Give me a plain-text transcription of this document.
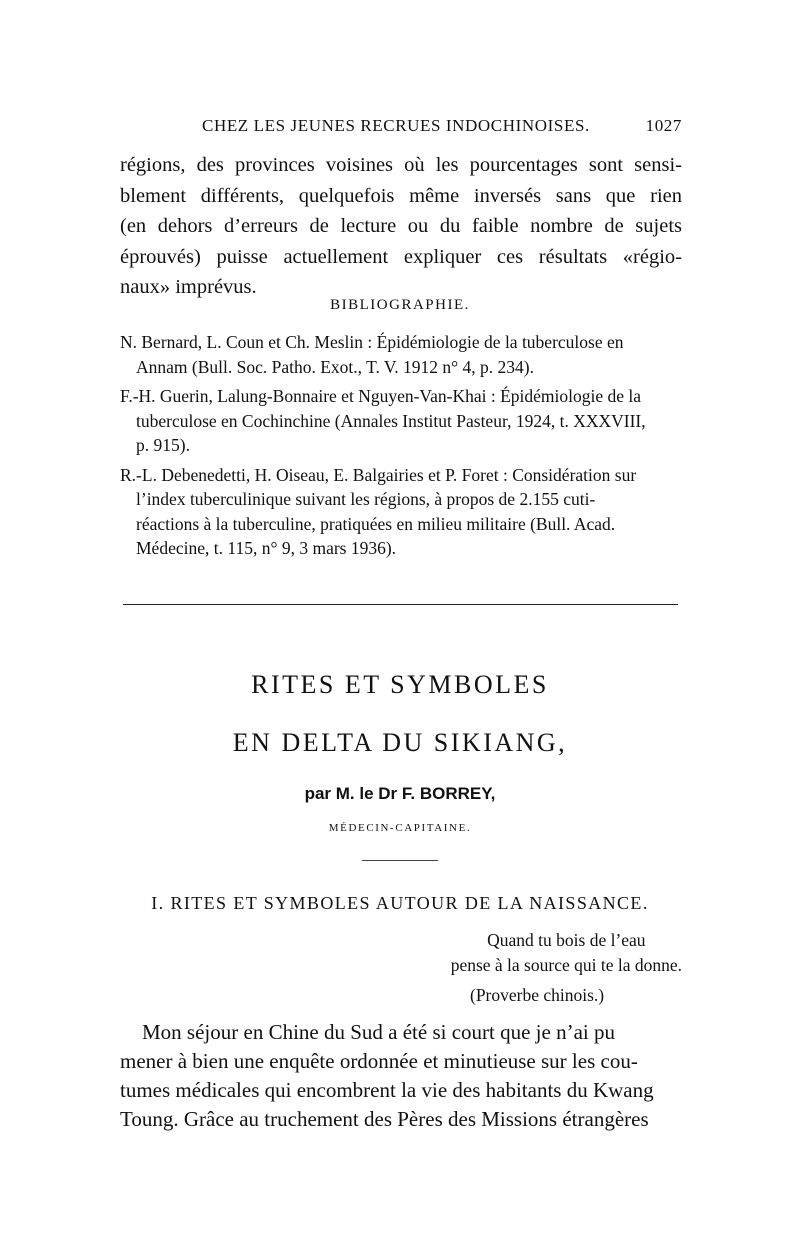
CHEZ LES JEUNES RECRUES INDOCHINOISES.	1027
régions, des provinces voisines où les pourcentages sont sensi-
blement différents, quelquefois même inversés sans que rien
(en dehors d’erreurs de lecture ou du faible nombre de sujets
éprouvés) puisse actuellement expliquer ces résultats «régio-
naux» imprévus.
BIBLIOGRAPHIE.
N. Bernard, L. Coun et Ch. Meslin : Épidémiologie de la tuberculose en
Annam (Bull. Soc. Patho. Exot., T. V. 1912 n° 4, p. 234).
F.-H. Guerin, Lalung-Bonnaire et Nguyen-Van-Khai : Épidémiologie de la
tuberculose en Cochinchine (Annales Institut Pasteur, 1924, t. XXXVIII,
p. 915).
R.-L. Debenedetti, H. Oiseau, E. Balgairies et P. Foret : Considération sur
l’index tuberculinique suivant les régions, à propos de 2.155 cuti-
réactions à la tuberculine, pratiquées en milieu militaire (Bull. Acad.
Médecine, t. 115, n° 9, 3 mars 1936).
RITES ET SYMBOLES
EN DELTA DU SIKIANG,
par M. le Dr F. BORREY,
MÉDECIN-CAPITAINE.
I. RITES ET SYMBOLES AUTOUR DE LA NAISSANCE.
Quand tu bois de l’eau
pense à la source qui te la donne.
(Proverbe chinois.)
Mon séjour en Chine du Sud a été si court que je n’ai pu
mener à bien une enquête ordonnée et minutieuse sur les cou-
tumes médicales qui encombrent la vie des habitants du Kwang
Toung. Grâce au truchement des Pères des Missions étrangères
